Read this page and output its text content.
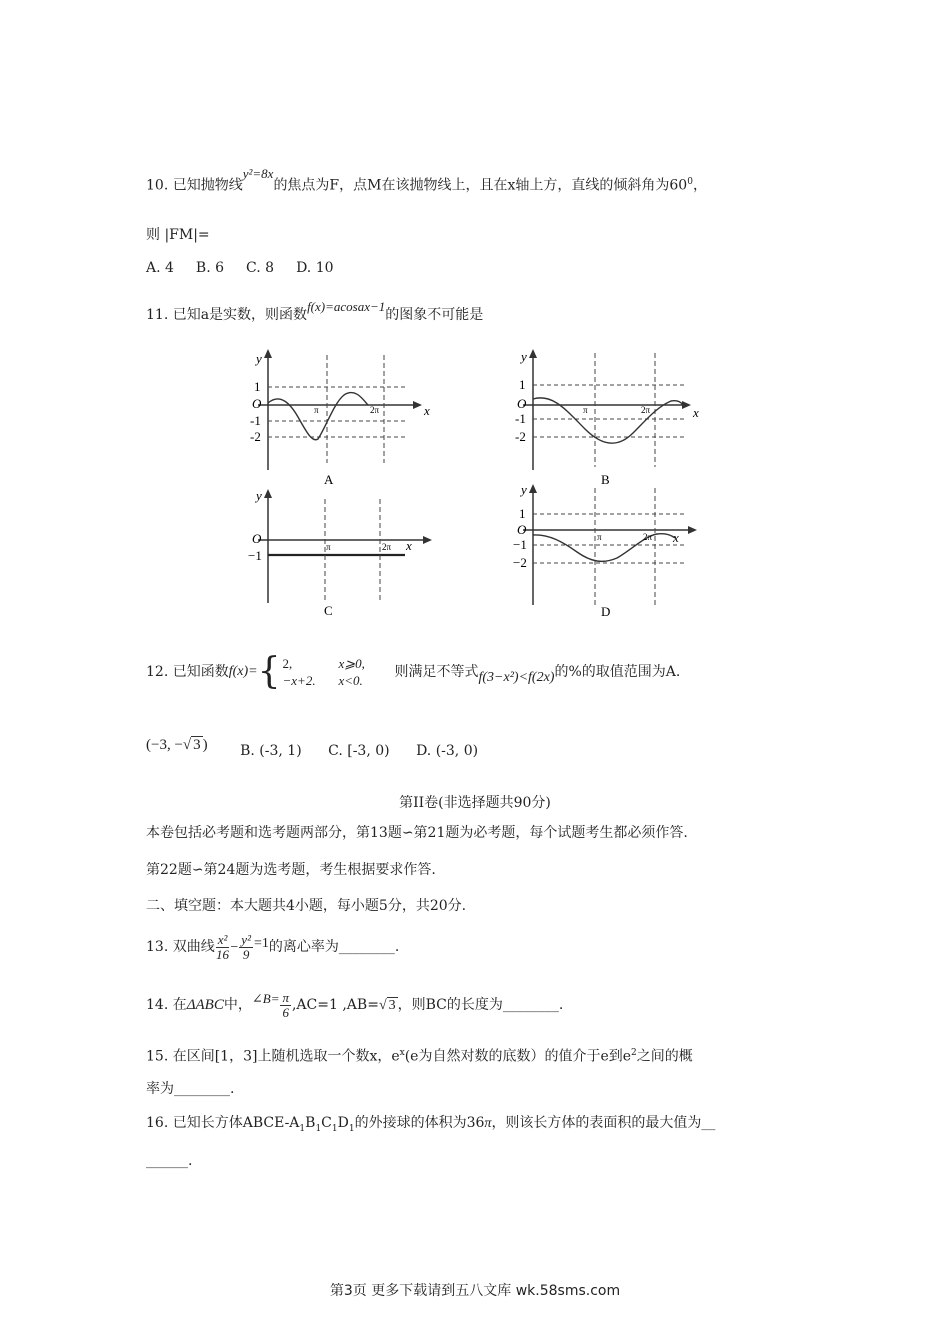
10. 已知抛物线y²=8x的焦点为F，点M在该抛物线上，且在x轴上方，直线的倾斜角为$60^0$，
则 |FM|=
A. 4 B. 6 C. 8 D. 10
11. 已知a是实数，则函数f(x)=acosax−1的图象不可能是
y
x
1
O
-1
-2
π	2π
A
y
x
1
O
-1
-2
π	2π
B
y
x
O
−1
π	2π
C
y
x
1
O
−1
−2
π	2π
D
12. 已知函数f(x)={ 2,	x⩾0,
−x+2.	x<0.
则满足不等式f(3−x²)<f(2x)的%的取值范围为A.
(−3, −√ 3 ) B. (-3, 1) C. [-3, 0) D. (-3, 0)
第II卷(非选择题共90分)
本卷包括必考题和选考题两部分，第13题∽第21题为必考题，每个试题考生都必须作答.
第22题∽第24题为选考题，考生根据要求作答.
二、填空题：本大题共4小题，每小题5分，共20分.
13. 双曲线 $\frac{\text{x²}}{16} - \frac{\text{y²}}{9} =1$的离心率为________.
14. 在ΔABC中，∠B= $\frac{\pi}{6} ,AC=1$ ,AB=√ 3 ，则BC的长度为________.
15. 在区间[1，3]上随机选取一个数x，$e^x(e$为自然对数的底数）的值介于e到$e^2$之间的概
率为________.
16. 已知长方体ABCE-$A_1B_1C_1D_1$的外接球的体积为36π，则该长方体的表面积的最大值为__
______.
第3页 更多下载请到五八文库 wk.58sms.com
